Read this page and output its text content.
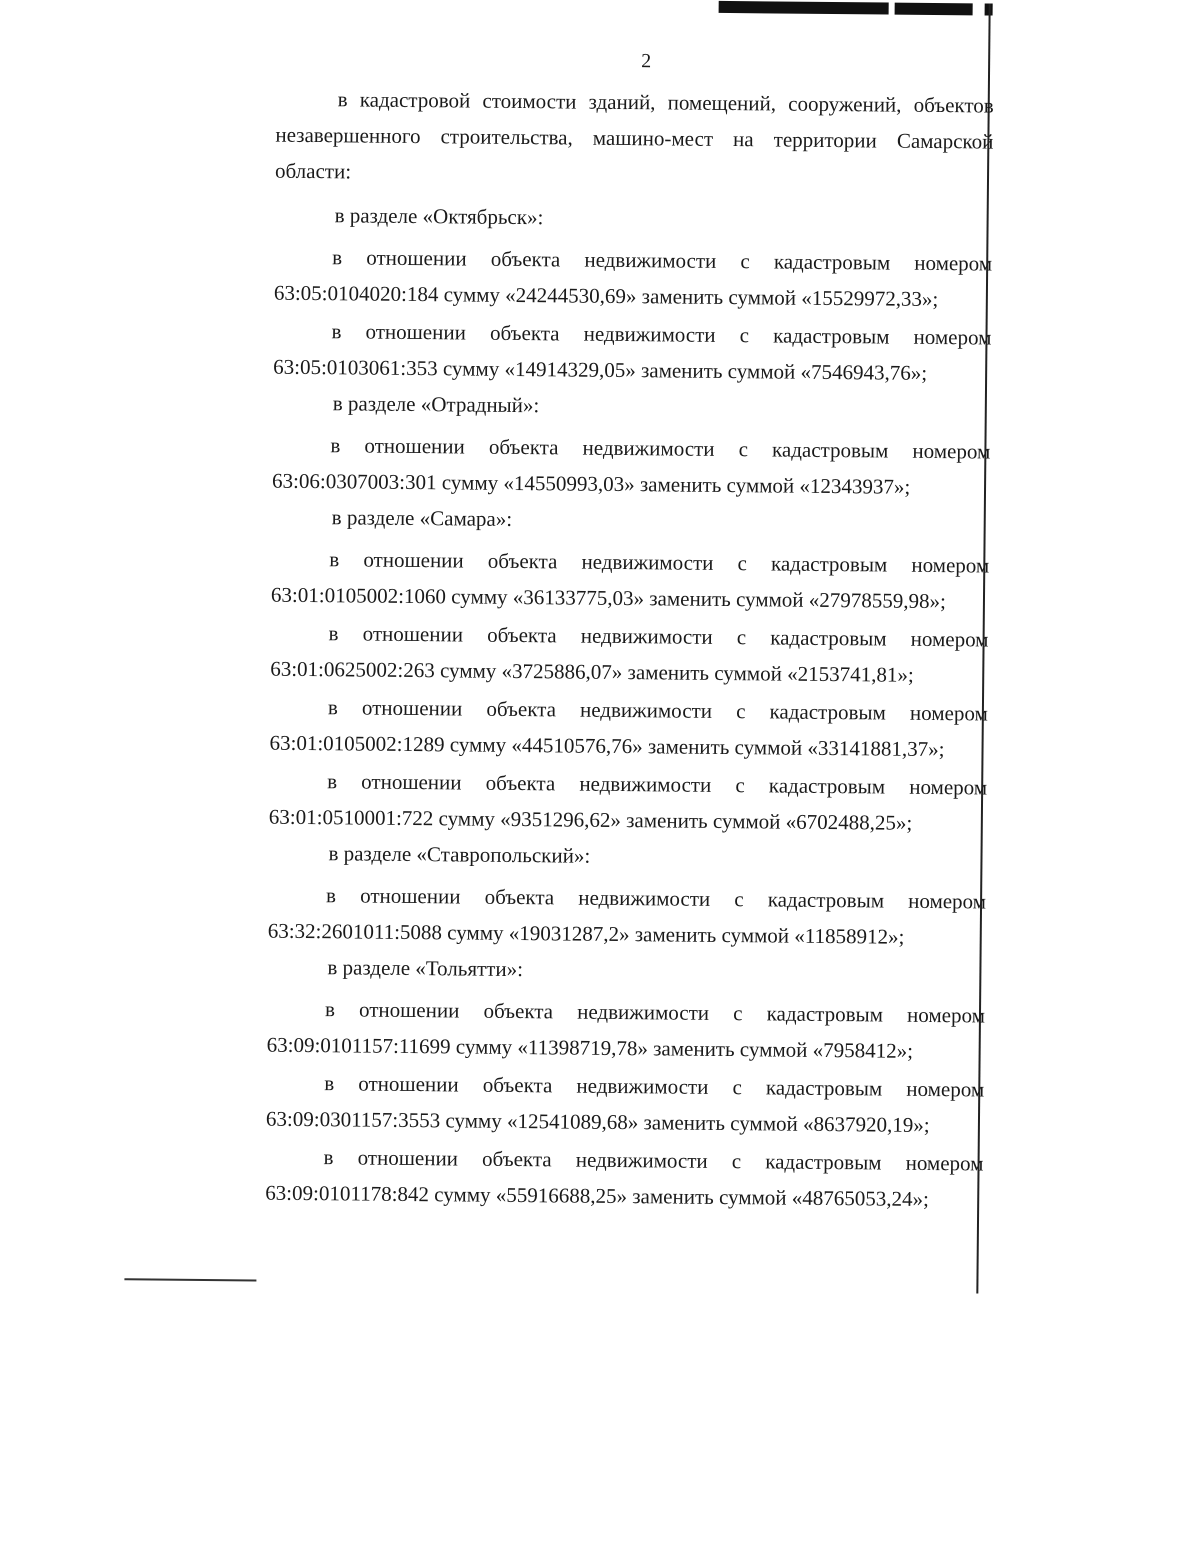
2

в кадастровой стоимости зданий, помещений, сооружений, объектов незавершенного строительства, машино-мест на территории Самарской области:

в разделе «Октябрьск»:
в отношении объекта недвижимости с кадастровым номером
63:05:0104020:184 сумму «24244530,69» заменить суммой «15529972,33»;
в отношении объекта недвижимости с кадастровым номером
63:05:0103061:353 сумму «14914329,05» заменить суммой «7546943,76»;
в разделе «Отрадный»:
в отношении объекта недвижимости с кадастровым номером
63:06:0307003:301 сумму «14550993,03» заменить суммой «12343937»;
в разделе «Самара»:
в отношении объекта недвижимости с кадастровым номером
63:01:0105002:1060 сумму «36133775,03» заменить суммой «27978559,98»;
в отношении объекта недвижимости с кадастровым номером
63:01:0625002:263 сумму «3725886,07» заменить суммой «2153741,81»;
в отношении объекта недвижимости с кадастровым номером
63:01:0105002:1289 сумму «44510576,76» заменить суммой «33141881,37»;
в отношении объекта недвижимости с кадастровым номером
63:01:0510001:722 сумму «9351296,62» заменить суммой «6702488,25»;
в разделе «Ставропольский»:
в отношении объекта недвижимости с кадастровым номером
63:32:2601011:5088 сумму «19031287,2» заменить суммой «11858912»;
в разделе «Тольятти»:
в отношении объекта недвижимости с кадастровым номером
63:09:0101157:11699 сумму «11398719,78» заменить суммой «7958412»;
в отношении объекта недвижимости с кадастровым номером
63:09:0301157:3553 сумму «12541089,68» заменить суммой «8637920,19»;
в отношении объекта недвижимости с кадастровым номером
63:09:0101178:842 сумму «55916688,25» заменить суммой «48765053,24»;
